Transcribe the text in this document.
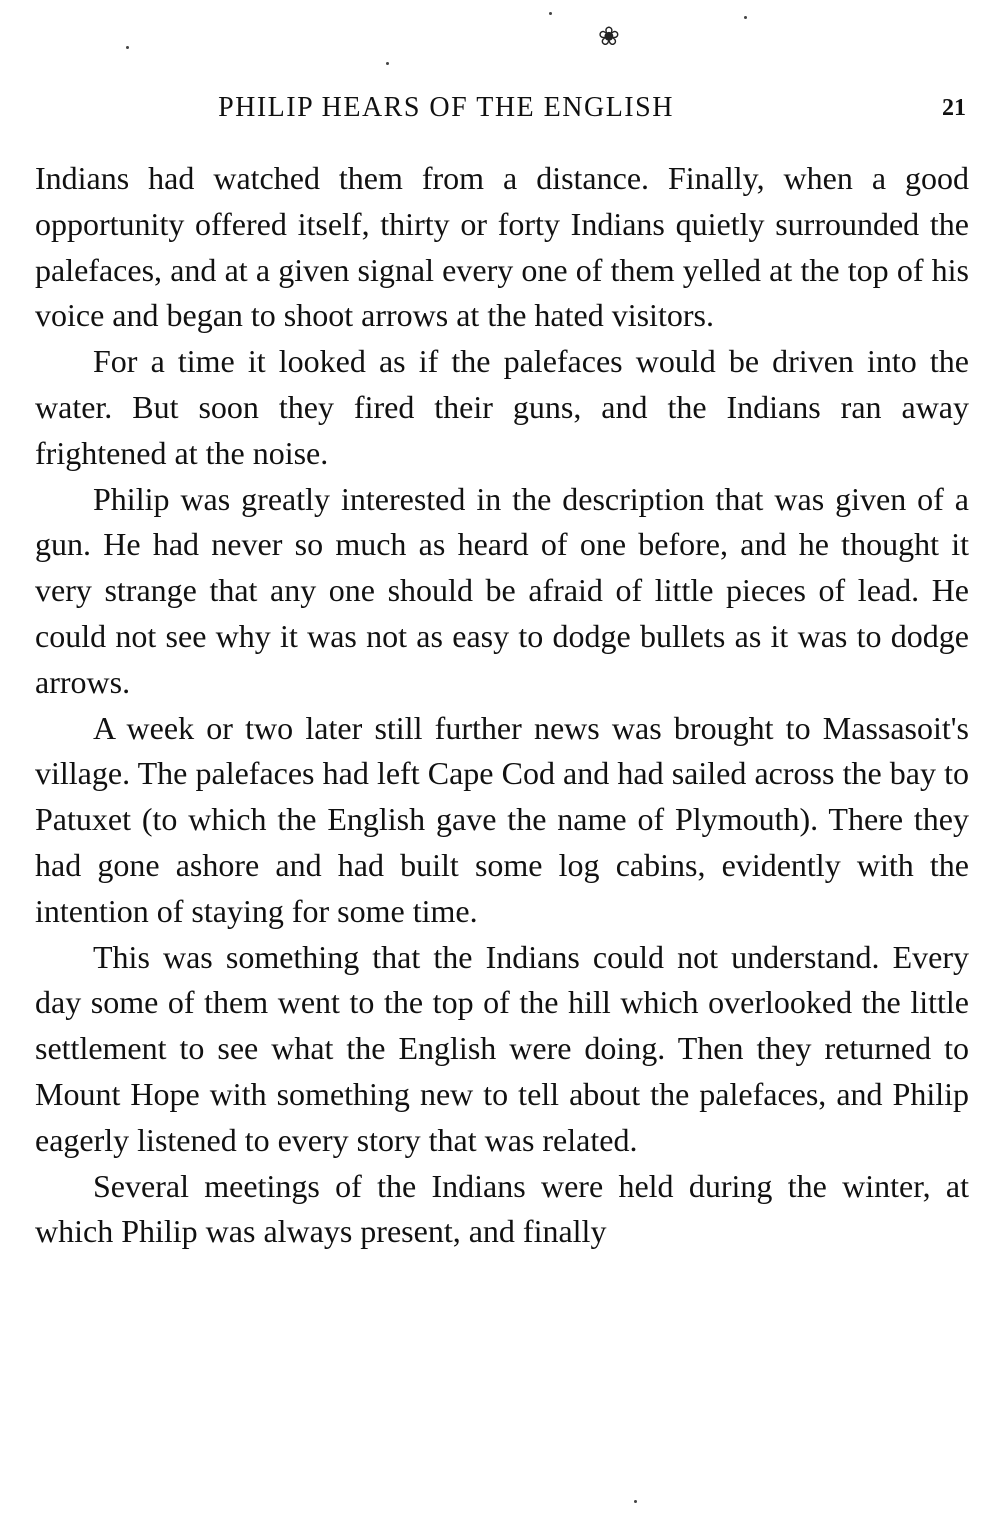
❀
PHILIP HEARS OF THE ENGLISH	21

Indians had watched them from a distance. Finally, when a good opportunity offered itself, thirty or forty Indians quietly surrounded the palefaces, and at a given signal every one of them yelled at the top of his voice and began to shoot arrows at the hated visitors.

For a time it looked as if the palefaces would be driven into the water. But soon they fired their guns, and the Indians ran away frightened at the noise.

Philip was greatly interested in the description that was given of a gun. He had never so much as heard of one before, and he thought it very strange that any one should be afraid of little pieces of lead. He could not see why it was not as easy to dodge bullets as it was to dodge arrows.

A week or two later still further news was brought to Massasoit's village. The palefaces had left Cape Cod and had sailed across the bay to Patuxet (to which the English gave the name of Plymouth). There they had gone ashore and had built some log cabins, evidently with the intention of staying for some time.

This was something that the Indians could not understand. Every day some of them went to the top of the hill which overlooked the little settlement to see what the English were doing. Then they returned to Mount Hope with something new to tell about the palefaces, and Philip eagerly listened to every story that was related.

Several meetings of the Indians were held during the winter, at which Philip was always present, and finally
